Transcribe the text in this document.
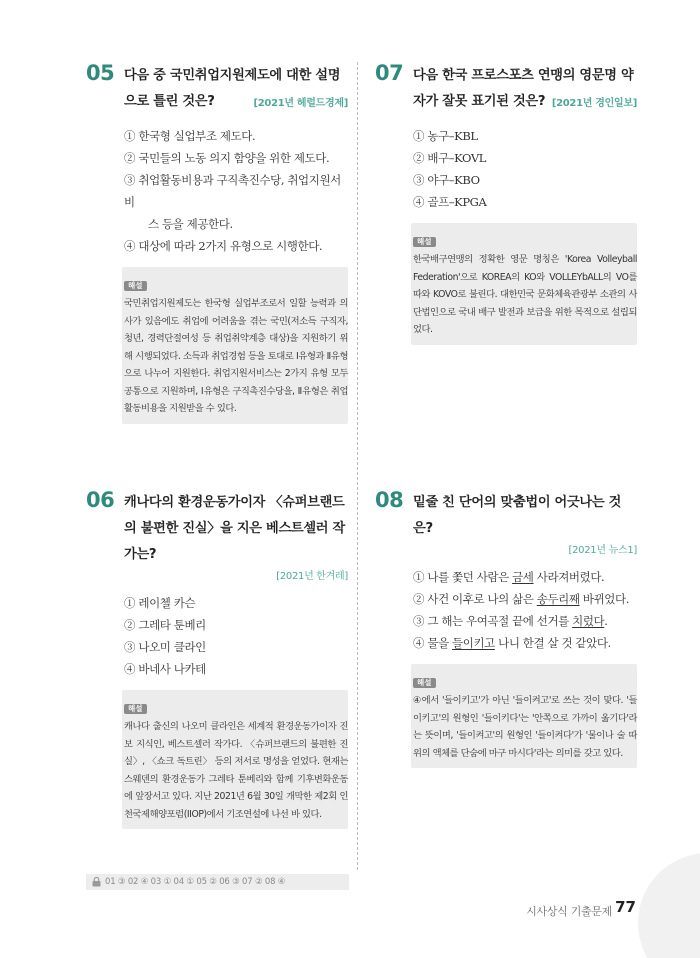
05 다음 중 국민취업지원제도에 대한 설명으로 틀린 것은?	[2021년 헤럴드경제]
① 한국형 실업부조 제도다.
② 국민들의 노동 의지 함양을 위한 제도다.
③ 취업활동비용과 구직촉진수당, 취업지원서비
스 등을 제공한다.
④ 대상에 따라 2가지 유형으로 시행한다.
해설

국민취업지원제도는 한국형 실업부조로서 일할 능력과 의사가 있음에도 취업에 어려움을 겪는 국민(저소득 구직자, 청년, 경력단절여성 등 취업취약계층 대상)을 지원하기 위해 시행되었다. 소득과 취업경험 등을 토대로 Ⅰ유형과 Ⅱ유형으로 나누어 지원한다. 취업지원서비스는 2가지 유형 모두 공통으로 지원하며, Ⅰ유형은 구직촉진수당을, Ⅱ유형은 취업활동비용을 지원받을 수 있다.

07 다음 한국 프로스포츠 연맹의 영문명 약자가 잘못 표기된 것은? [2021년 경인일보]
① 농구–KBL
② 배구–KOVL
③ 야구–KBO
④ 골프–KPGA
해설

한국배구연맹의 정확한 영문 명칭은 'Korea Volleyball Federation'으로 KOREA의 KO와 VOLLEYbALL의 VO를 따와 KOVO로 불린다. 대한민국 문화체육관광부 소관의 사단법인으로 국내 배구 발전과 보급을 위한 목적으로 설립되었다.

06 캐나다의 환경운동가이자 〈슈퍼브랜드의 불편한 진실〉을 지은 베스트셀러 작가는?
[2021년 한겨레]
① 레이첼 카슨
② 그레타 툰베리
③ 나오미 클라인
④ 바네사 나카테
해설

캐나다 출신의 나오미 클라인은 세계적 환경운동가이자 진보 지식인, 베스트셀러 작가다. 〈슈퍼브랜드의 불편한 진실〉, 〈쇼크 독트린〉 등의 저서로 명성을 얻었다. 현재는 스웨덴의 환경운동가 그레타 툰베리와 함께 기후변화운동에 앞장서고 있다. 지난 2021년 6월 30일 개막한 제2회 인천국제해양포럼(IIOP)에서 기조연설에 나선 바 있다.

08 밑줄 친 단어의 맞춤법이 어긋나는 것은?
[2021년 뉴스1]
① 나를 쫓던 사람은 금세 사라져버렸다.
② 사건 이후로 나의 삶은 송두리째 바뀌었다.
③ 그 해는 우여곡절 끝에 선거를 치렀다.
④ 물을 들이키고 나니 한결 살 것 같았다.
해설

④에서 '들이키고'가 아닌 '들이켜고'로 쓰는 것이 맞다. '들이키고'의 원형인 '들이키다'는 '안쪽으로 가까이 옮기다'라는 뜻이며, '들이켜고'의 원형인 '들이켜다'가 '물이나 술 따위의 액체를 단숨에 마구 마시다'라는 의미를 갖고 있다.

01 ③ 02 ④ 03 ① 04 ① 05 ② 06 ③ 07 ② 08 ④
시사상식 기출문제 77
